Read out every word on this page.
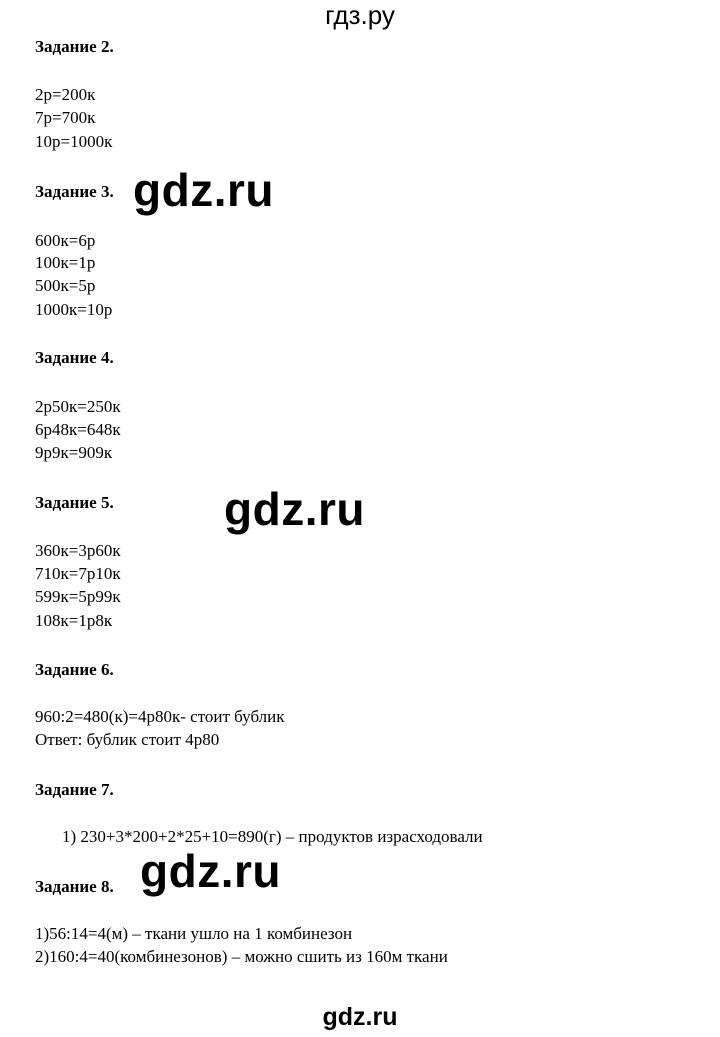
гдз.ру
Задание 2.
2р=200к
7р=700к
10р=1000к
Задание 3.
600к=6р
100к=1р
500к=5р
1000к=10р
Задание 4.
2р50к=250к
6р48к=648к
9р9к=909к
Задание 5.
360к=3р60к
710к=7р10к
599к=5р99к
108к=1р8к
Задание 6.
960:2=480(к)=4р80к- стоит бублик
Ответ: бублик стоит 4р80
Задание 7.
1) 230+3*200+2*25+10=890(г) – продуктов израсходовали
Задание 8.
1)56:14=4(м) – ткани ушло на 1 комбинезон
2)160:4=40(комбинезонов) – можно сшить из 160м ткани
gdz.ru
gdz.ru
gdz.ru
gdz.ru
